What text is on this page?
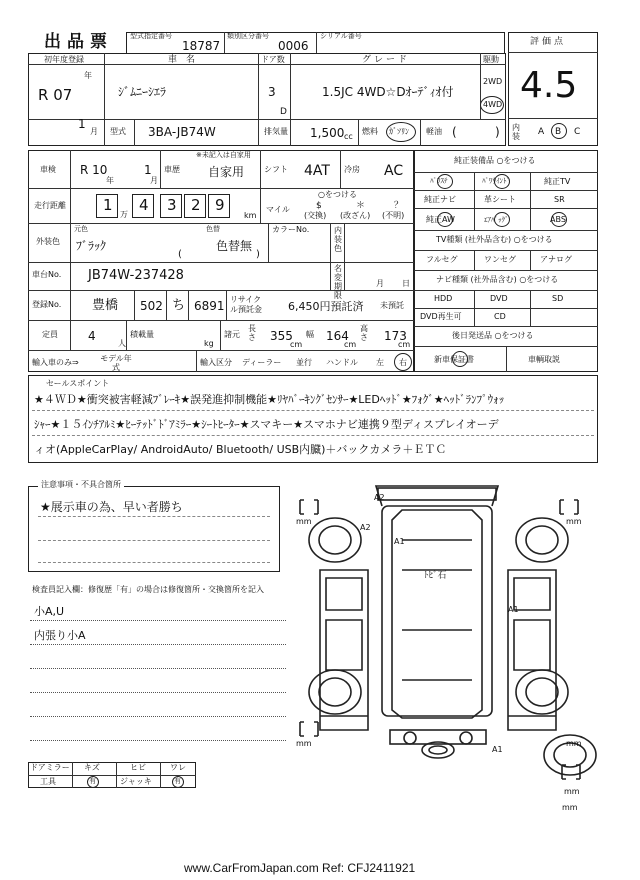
出品票 型式指定番号
18787
類別区分番号
0006
シリアル番号
評価点
4.5
内装 A B C
初年度登録
年
R 07
1
月
車　名
ｼﾞﾑﾆｰｼｴﾗ
ドア数
3
D
グレード
1.5JC 4WD☆Dｵｰﾃﾞｨｵ付
駆動
2WD
4WD
型式 3BA-JB74W	排気量 1,500 cc
燃料 ｶﾞｿﾘﾝ 軽油 (	)
車検 R 10
年
1
月
車歴
※未記入は自家用
自家用 シフト 4AT 冷房 AC
走行距離 1
万
4 3 2 9
km
○をつける
マイル	$
(交換)
＊
(改ざん)
？
(不明)
外装色
元色
ﾌﾞﾗｯｸ
色替
色替無
(	)
カラーNo.	内装色
車台No. JB74W-237428	名変期限
月 日
登録No. 豊橋 502 ち 6891 リサイクル預託金	6,450円預託済 未預託
定員	4
人
積載量
kg
諸元
長さ 355
cm
幅 164
cm
高さ 173
cm
輸入車のみ⇒	モデル年式
輸入区分 ディーラー 並行 ハンドル 左 右
純正装備品 ○をつける
ﾊﾟﾜｽﾃ	ﾊﾟﾜｳｲﾝﾄﾞ	純正TV
純正ナビ	革シート	SR
純正AW	ｴｱﾊﾞｯｸﾞ	ABS
TV種類 (社外品含む) ○をつける
フルセグ	ワンセグ	アナログ
ナビ種類 (社外品含む) ○をつける
HDD	DVD	SD
DVD再生可	CD
後日発送品 ○をつける
新車保証書	車輌取説
セールスポイント
★４ＷＤ★衝突被害軽減ﾌﾞﾚｰｷ★誤発進抑制機能★ﾘﾔﾊﾞｰｷﾝｸﾞｾﾝｻｰ★LEDﾍｯﾄﾞ★ﾌｫｸﾞ★ﾍｯﾄﾞﾗﾝﾌﾟｳｫｯ
ｼｬｰ★１５ｲﾝﾁｱﾙﾐ★ﾋｰﾃｯﾄﾞﾄﾞｱﾐﾗｰ★ｼｰﾄﾋｰﾀｰ★スマキー★スマホナビ連携９型ディスプレイオーデ
ィオ(AppleCarPlay/ AndroidAuto/ Bluetooth/ USB内臓)＋バックカメラ＋ＥＴＣ
注意事項・不具合箇所
★展示車の為、早い者勝ち
検査員記入欄：修復歴「有」の場合は修復箇所・交換箇所を記入
小A,U
内張り小A
ドアミラー キズ	ヒビ	ワレ
工具	有	ジャッキ	有
A2
A2
A1
ﾄﾋﾞ石
A1
A1
mm	mm
mm	mm
mm
mm
www.CarFromJapan.com Ref: CFJ2411921
